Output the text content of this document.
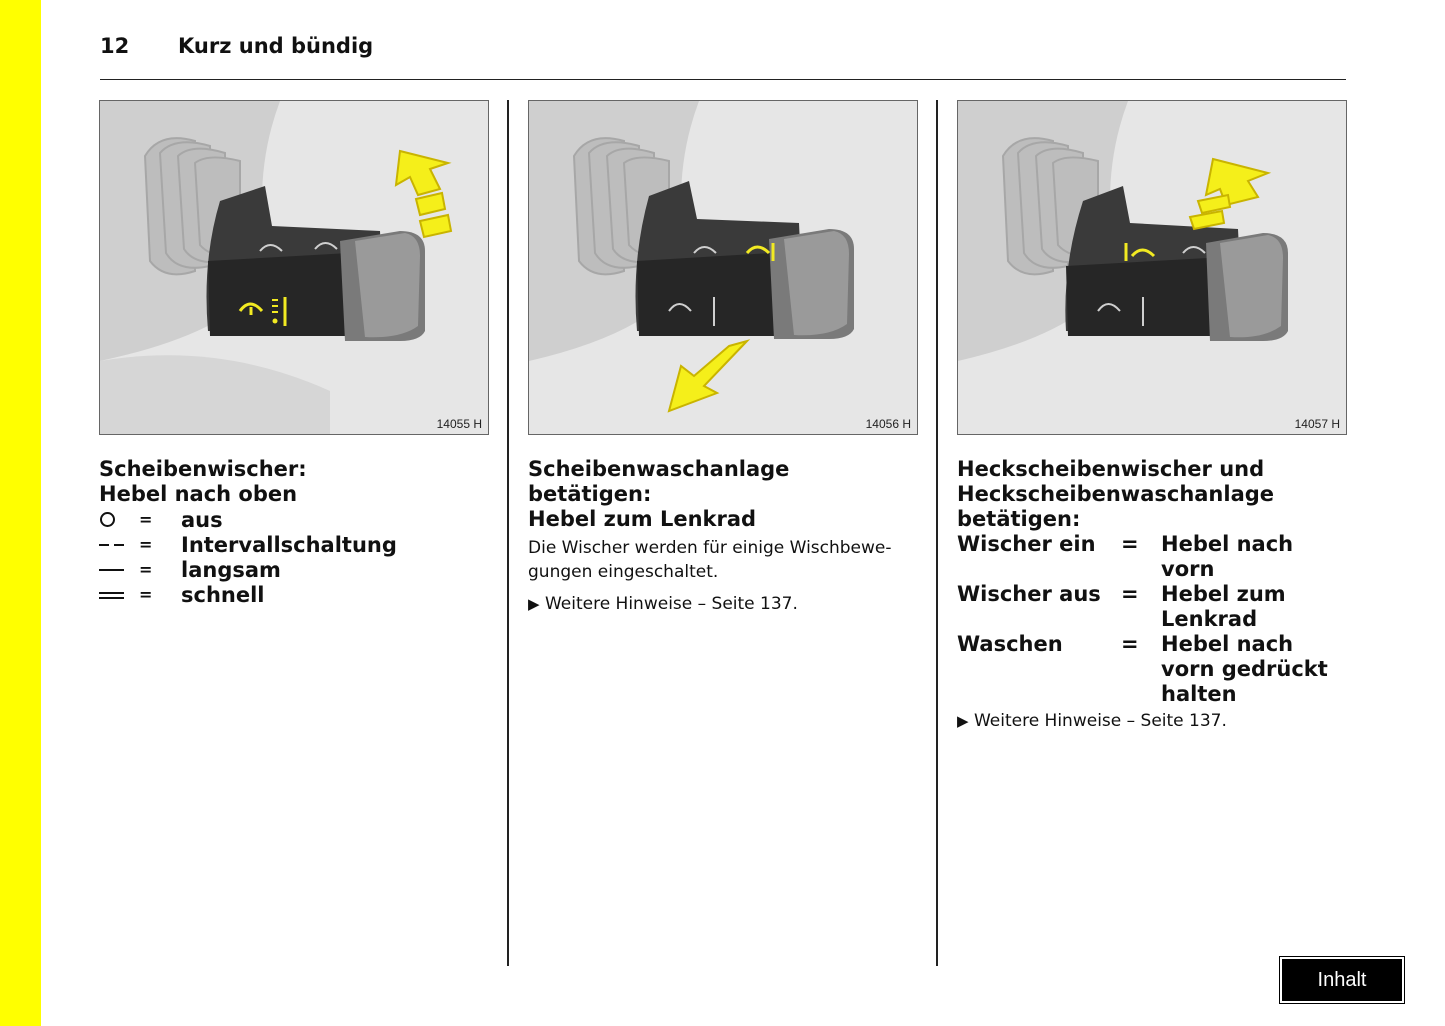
12 Kurz und bündig
14055 H
Scheibenwischer:
Hebel nach oben
=	aus
=	Intervallschaltung
=	langsam
=	schnell
14056 H
Scheibenwaschanlage betätigen:
Hebel zum Lenkrad
Die Wischer werden für einige Wischbewe-
gungen eingeschaltet.
▶ Weitere Hinweise – Seite 137.
14057 H
Heckscheibenwischer und
Heckscheibenwaschanlage
betätigen:
Wischer ein	=	Hebel nach
vorn
Wischer aus =	Hebel zum
Lenkrad
Waschen	=	Hebel nach
vorn gedrückt
halten
▶ Weitere Hinweise – Seite 137.
Inhalt
